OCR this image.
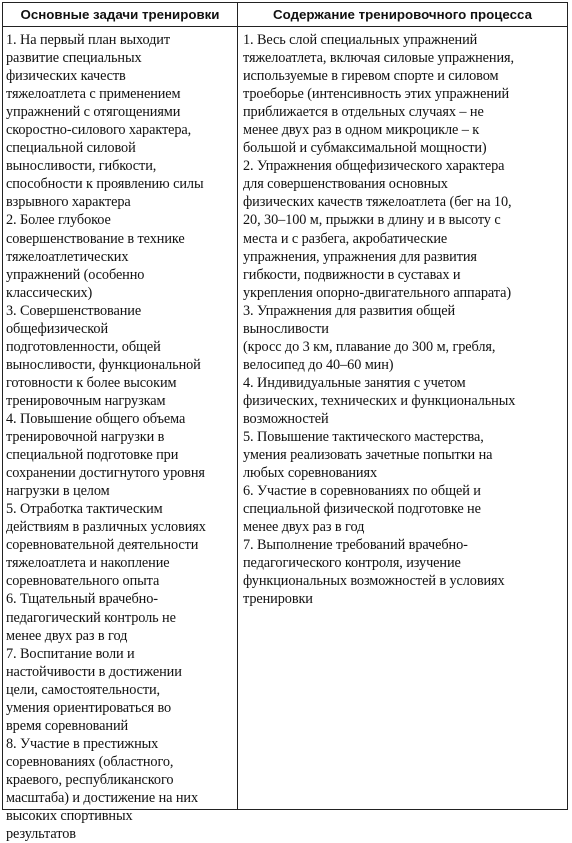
Основные задачи тренировки	Содержание тренировочного процесса
1. На первый план выходит
развитие специальных
физических качеств
тяжелоатлета с применением
упражнений с отягощениями
скоростно-силового характера,
специальной силовой
выносливости, гибкости,
способности к проявлению силы
взрывного характера
2. Более глубокое
совершенствование в технике
тяжелоатлетических
упражнений (особенно
классических)
3. Совершенствование
общефизической
подготовленности, общей
выносливости, функциональной
готовности к более высоким
тренировочным нагрузкам
4. Повышение общего объема
тренировочной нагрузки в
специальной подготовке при
сохранении достигнутого уровня
нагрузки в целом
5. Отработка тактическим
действиям в различных условиях
соревновательной деятельности
тяжелоатлета и накопление
соревновательного опыта
6. Тщательный врачебно-
педагогический контроль не
менее двух раз в год
7. Воспитание воли и
настойчивости в достижении
цели, самостоятельности,
умения ориентироваться во
время соревнований
8. Участие в престижных
соревнованиях (областного,
краевого, республиканского
масштаба) и достижение на них
высоких спортивных
результатов
1. Весь слой специальных упражнений
тяжелоатлета, включая силовые упражнения,
используемые в гиревом спорте и силовом
троеборье (интенсивность этих упражнений
приближается в отдельных случаях – не
менее двух раз в одном микроцикле – к
большой и субмаксимальной мощности)
2. Упражнения общефизического характера
для совершенствования основных
физических качеств тяжелоатлета (бег на 10,
20, 30–100 м, прыжки в длину и в высоту с
места и с разбега, акробатические
упражнения, упражнения для развития
гибкости, подвижности в суставах и
укрепления опорно-двигательного аппарата)
3. Упражнения для развития общей
выносливости
(кросс до 3 км, плавание до 300 м, гребля,
велосипед до 40–60 мин)
4. Индивидуальные занятия с учетом
физических, технических и функциональных
возможностей
5. Повышение тактического мастерства,
умения реализовать зачетные попытки на
любых соревнованиях
6. Участие в соревнованиях по общей и
специальной физической подготовке не
менее двух раз в год
7. Выполнение требований врачебно-
педагогического контроля, изучение
функциональных возможностей в условиях
тренировки
